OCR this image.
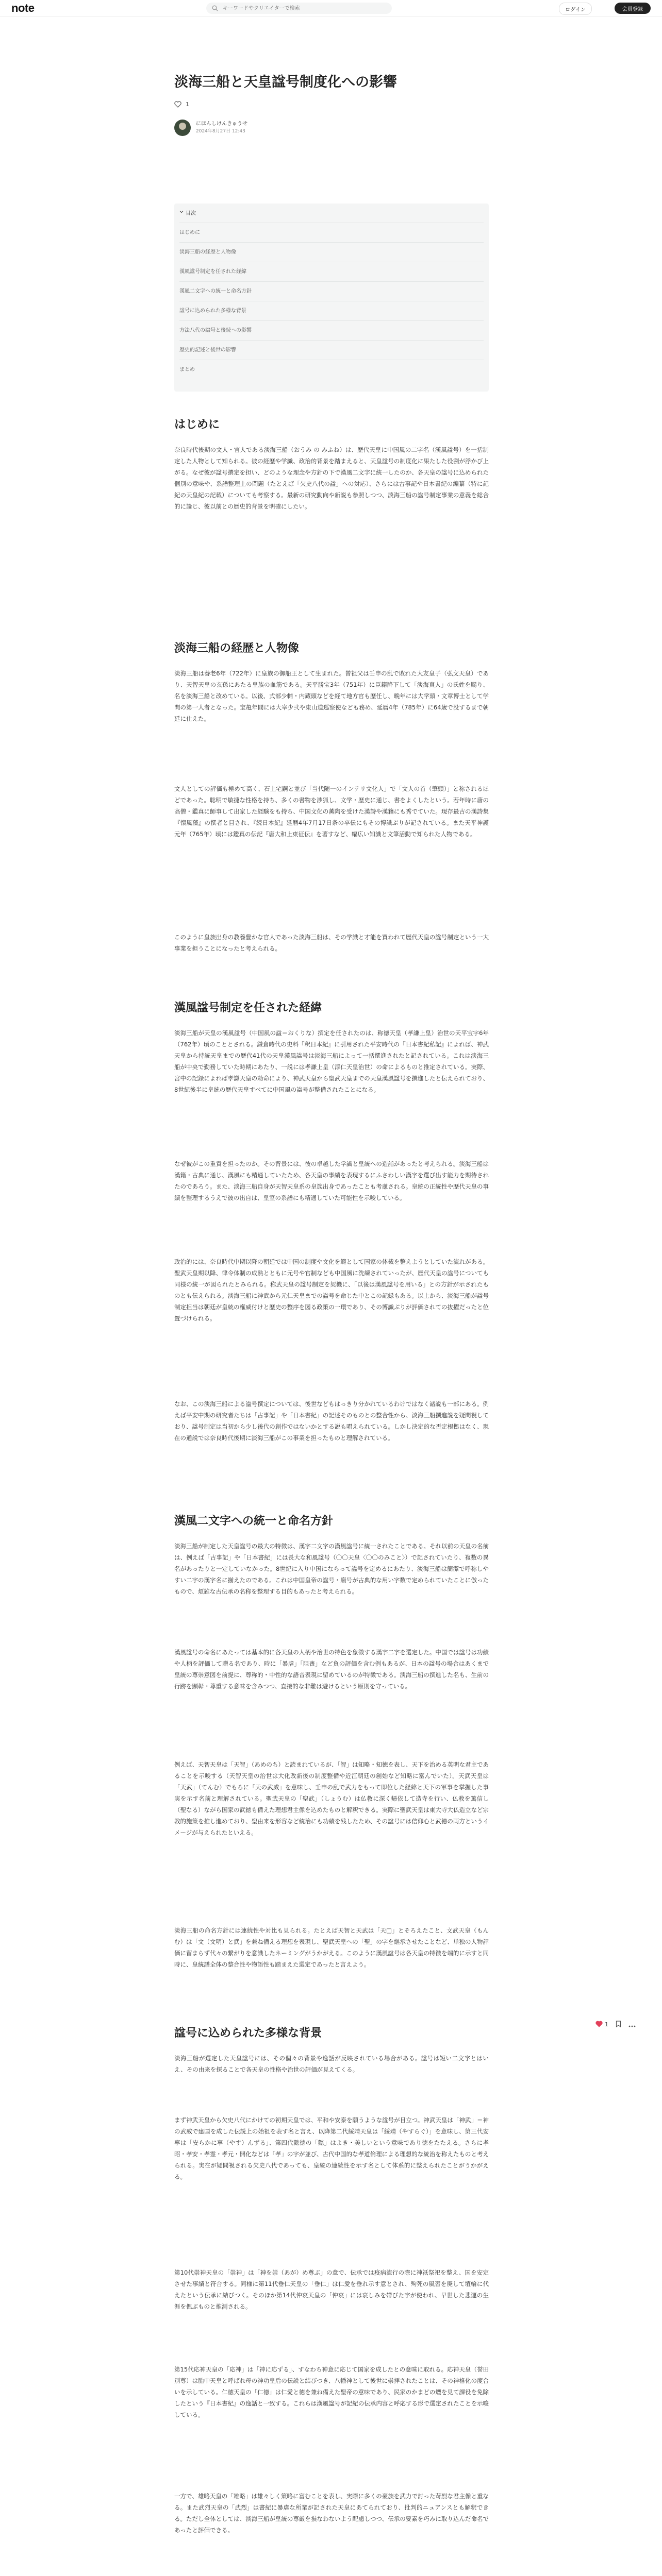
note
キーワードやクリエイターで検索	ログイン	会員登録
淡海三船と天皇諡号制度化への影響
1
にほんしけんきゅうせ
2024年8月27日 12:43
目次
はじめに
淡海三船の経歴と人物像
漢風諡号制定を任された経緯
漢風二文字への統一と命名方針
諡号に込められた多様な背景
方法八代の諡号と後続への影響
歴史的記述と後世の影響
まとめ
はじめに

奈良時代後期の文人・官人である淡海三船（おうみ の みふね）は、歴代天皇に中国風の二字名（漢風諡号）を一括制定した人物として知られる。彼の経歴や学識、政治的背景を踏まえると、天皇諡号の制度化に果たした役割が浮かび上がる。なぜ彼が諡号撰定を担い、どのような理念や方針の下で漢風二文字に統一したのか、各天皇の諡号に込められた個別の意味や、系譜整理上の問題（たとえば「欠史八代の諡」への対応）、さらには古事記や日本書紀の編纂（特に記紀の天皇紀の記載）についても考察する。最新の研究動向や新説も参照しつつ、淡海三船の諡号制定事業の意義を総合的に論じ、彼以前との歴史的背景を明確にしたい。

淡海三船の経歴と人物像

淡海三船は養老6年（722年）に皇族の御船王として生まれた。曾祖父は壬申の乱で敗れた大友皇子（弘文天皇）であり、天智天皇の玄孫にあたる皇族の血筋である。天平勝宝3年（751年）に臣籍降下して「淡海真人」の氏姓を賜り、名を淡海三船と改めている。以後、式部少輔・内蔵頭などを経て地方官も歴任し、晩年には大学頭・文章博士として学問の第一人者となった。宝亀年間には大宰少弐や東山道巡察使なども務め、延暦4年（785年）に64歳で没するまで朝廷に仕えた。

文人としての評価も極めて高く、石上宅嗣と並び「当代随一のインテリ文化人」で「文人の首（筆頭）」と称されるほどであった。聡明で敏捷な性格を持ち、多くの書物を渉猟し、文学・歴史に通じ、書をよくしたという。若年時に唐の高僧・鑑真に師事して出家した経験をも持ち、中国文化の薫陶を受けた漢詩や漢籍にも秀でていた。現存最古の漢詩集『懐風藻』の撰者と目され、『続日本紀』延暦4年7月17日条の卒伝にもその博識ぶりが記されている。また天平神護元年（765年）頃には鑑真の伝記『唐大和上東征伝』を著すなど、幅広い知識と文筆活動で知られた人物である。

このように皇族出身の教養豊かな官人であった淡海三船は、その学識と才能を買われて歴代天皇の諡号制定という一大事業を担うことになったと考えられる。

漢風諡号制定を任された経緯

淡海三船が天皇の漢風諡号（中国風の諡＝おくりな）撰定を任されたのは、称徳天皇（孝謙上皇）治世の天平宝字6年（762年）頃のこととされる。鎌倉時代の史料『釈日本紀』に引用された平安時代の『日本書紀私記』によれば、神武天皇から持統天皇までの歴代41代の天皇漢風諡号は淡海三船によって一括撰進されたと記されている。これは淡海三船が中央で勤務していた時期にあたり、一説には孝謙上皇（淳仁天皇治世）の命によるものと推定されている。実際、宮中の記録によれば孝謙天皇の勅命により、神武天皇から聖武天皇までの天皇漢風諡号を撰進したと伝えられており、8世紀後半に皇統の歴代天皇すべてに中国風の諡号が整備されたことになる。

なぜ彼がこの重責を担ったのか。その背景には、彼の卓越した学識と皇統への造詣があったと考えられる。淡海三船は漢籍・古典に通じ、漢風にも精通していたため、各天皇の事績を表現するにふさわしい漢字を選び出す能力を期待されたのであろう。また、淡海三船自身が天智天皇系の皇族出身であったことも考慮される。皇統の正統性や歴代天皇の事績を整理するうえで彼の出自は、皇室の系譜にも精通していた可能性を示唆している。

政治的には、奈良時代中期以降の朝廷では中国の制度や文化を範として国家の体裁を整えようとしていた流れがある。聖武天皇期以降、律令体制の成熟とともに元号や官制なども中国風に洗練されていったが、歴代天皇の諡号についても同様の統一が図られたとみられる。称武天皇の諡号制定を契機に、「以後は漢風諡号を用いる」との方針が示されたものとも伝えられる。淡海三船に神武から元仁天皇までの諡号を命じた中とこの記録もある。以上から、淡海三船が諡号制定担当は朝廷が皇統の権威付けと歴史の整序を図る政策の一環であり、その博識ぶりが評価されての抜擢だったと位置づけられる。

なお、この淡海三船による諡号撰定については、後世などもはっきり分かれているわけではなく諸説も一部にある。例えば平安中期の研究者たちは「古事記」や「日本書紀」の記述そのものとの整合性から、淡海三船撰進説を疑問視しており、諡号制定は当初から少し後代の創作ではないかとする説も唱えられている。しかし決定的な否定根拠はなく、現在の通説では奈良時代後期に淡海三船がこの事業を担ったものと理解されている。

漢風二文字への統一と命名方針

淡海三船が制定した天皇諡号の最大の特徴は、漢字二文字の漢風諡号に統一されたことである。それ以前の天皇の名前は、例えば「古事記」や「日本書紀」には長大な和風諡号（〇〇天皇〈〇〇のみこと〉）で記されていたり、複数の異名があったりと一定していなかった。8世紀に入り中国にならって諡号を定めるにあたり、淡海三船は簡潔で呼称しやすい二字の漢字名に揃えたのである。これは中国皇帝の諡号・廟号が古典的な用い字数で定められていたことに倣ったもので、煩雑な古伝承の名称を整理する目的もあったと考えられる。

漢風諡号の命名にあたっては基本的に各天皇の人柄や治世の特色を象徴する漢字二字を選定した。中国では諡号は功績や人柄を評価して贈る名であり、時に「暴虐」「阻喪」など負の評価を含む例もあるが、日本の諡号の場合はあくまで皇統の尊崇意図を前提に、尊称的・中性的な語音表現に留めているのが特徴である。淡海三船の撰進した名も、生前の行跡を顕彰・尊重する意味を含みつつ、直接的な非難は避けるという原則を守っている。

例えば、天智天皇は「天智」（あめのち）と読まれているが、「智」は知略・知徳を表し、天下を治める英明な君主であることを示唆する（天智天皇の治世は大化改新後の制度整備や近江朝廷の創始など知略に富んでいた）。天武天皇は「天武」（てんむ）でもろに「天の武威」を意味し、壬申の乱で武力をもって即位した経緯と天下の軍事を掌握した事実を示す名前と理解されている。聖武天皇の「聖武」（しょうむ）は仏教に深く帰依して造寺を行い、仏教を篤信し（聖なる）ながら国家の武徳も備えた理想君主像を込めたものと解釈できる。実際に聖武天皇は東大寺大仏造立など宗教的施策を推し進めており、聖由来を形容など統治にも功績を残したため、その諡号には信仰心と武徳の両方というイメージが与えられたといえる。

淡海三船の命名方針には連続性や対比も見られる。たとえば天智と天武は「天□」とそろえたこと、文武天皇（もんむ）は「文（文明）と武」を兼ね備える理想を表現し、聖武天皇への「聖」の字を継承させたことなど、単独の人物評価に留まらず代々の繋がりを意識したネーミングがうかがえる。このように漢風諡号は各天皇の特徴を端的に示すと同時に、皇統譜全体の整合性や物語性も踏まえた選定であったと言えよう。

諡号に込められた多様な背景

淡海三船が選定した天皇諡号には、その個々の背景や逸話が反映されている場合がある。諡号は短い二文字とはいえ、その由来を探ることで各天皇の性格や治世の評価が見えてくる。

まず神武天皇から欠史八代にかけての初期天皇では、平和や安泰を願うような諡号が目立つ。神武天皇は「神武」＝神の武威で建国を成した伝説上の始祖を表す名と言え、以降第二代綏靖天皇は「綏靖（やすらぐ）」を意味し、第三代安寧は「安らかに寧（やす）んずる」、第四代懿徳の「懿」はよき・美しいという意味であり徳をたたえる。さらに孝昭・孝安・孝霊・孝元・開化などは「孝」の字が並び、古代中国的な孝道倫理による理想的な統治を称えたものと考えられる。実在が疑問視される欠史八代であっても、皇統の連続性を示す名として体系的に整えられたことがうかがえる。

第10代崇神天皇の「崇神」は「神を崇（あが）め尊ぶ」の意で、伝承では疫病流行の際に神祇祭祀を整え、国を安定させた事績と符合する。同様に第11代垂仁天皇の「垂仁」は仁愛を垂れ示す意とされ、殉死の風習を廃して埴輪に代えたという伝承に結びつく。そのほか第14代仲哀天皇の「仲哀」には哀しみを帯びた字が使われ、早世した悲運の生涯を偲ぶものと推測される。

第15代応神天皇の「応神」は「神に応ずる」、すなわち神意に応じて国家を成したとの意味に取れる。応神天皇（誉田別尊）は胎中天皇と呼ばれ母の神功皇后の伝説と結びつき、八幡神として後世に崇拝されたことは、その神格化の度合いを示している。仁徳天皇の「仁徳」は仁愛と徳を兼ね備えた聖帝の意味であり、民家のかまどの煙を見て課役を免除したという『日本書紀』の逸話と一致する。これらは漢風諡号が記紀の伝承内容と呼応する形で選定されたことを示唆している。

一方で、雄略天皇の「雄略」は雄々しく策略に富むことを表し、実際に多くの豪族を武力で討った苛烈な君主像と重なる。また武烈天皇の「武烈」は書紀に暴虐な所業が記された天皇にあてられており、批判的ニュアンスとも解釈できる。ただし全体としては、淡海三船が皇統の尊厳を損なわないよう配慮しつつ、伝承の要素を巧みに取り込んだ命名であったと評価できる。

1
